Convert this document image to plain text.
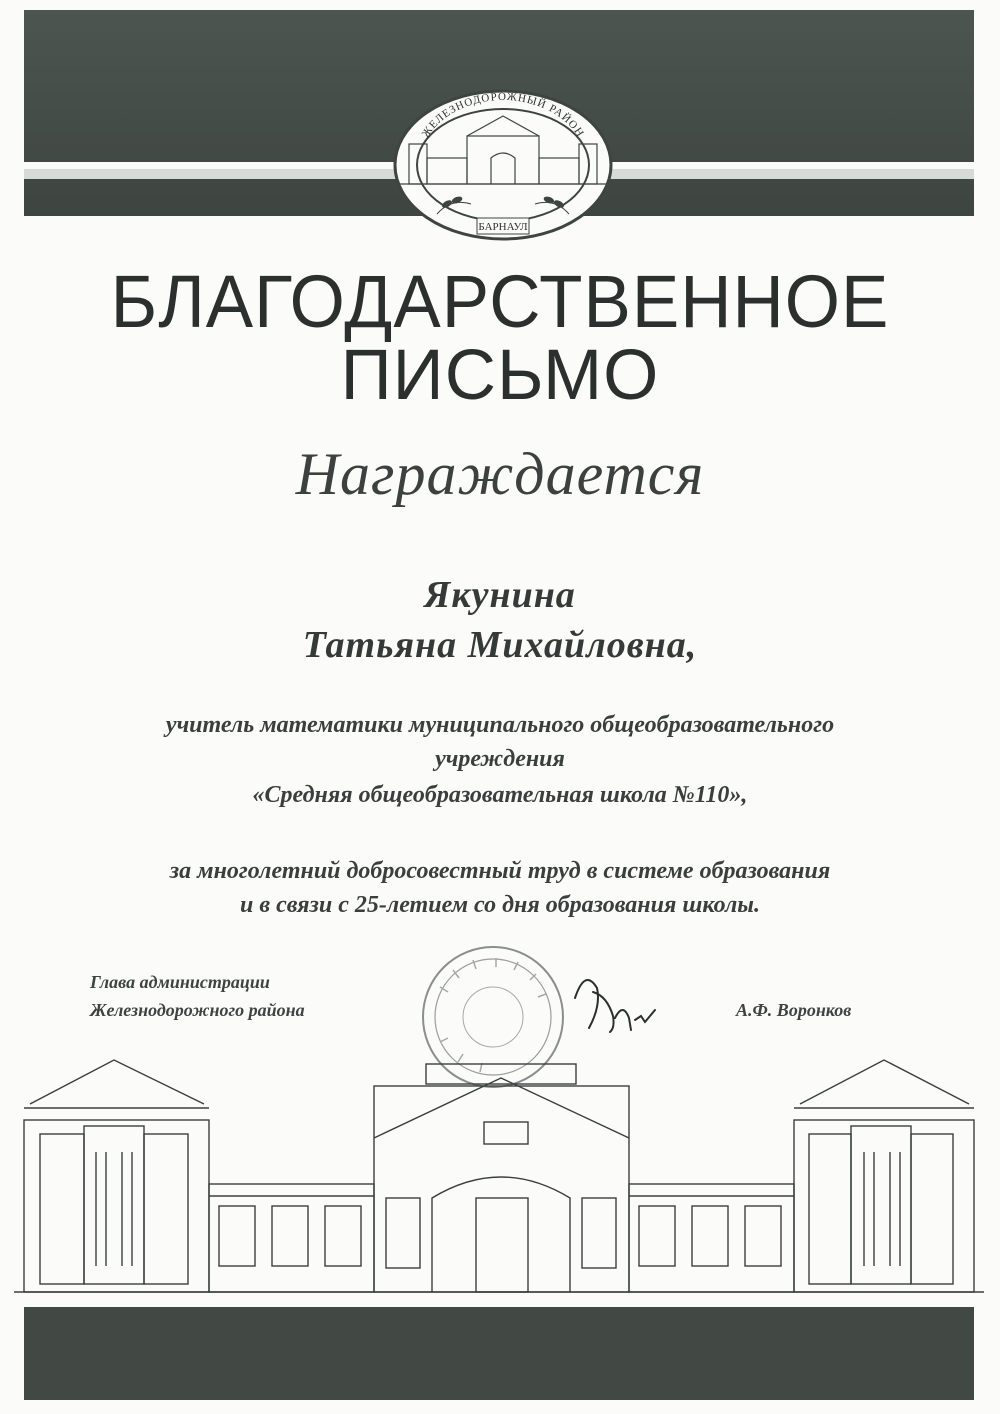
ЖЕЛЕЗНОДОРОЖНЫЙ РАЙОН
БАРНАУЛ
БЛАГОДАРСТВЕННОЕ
ПИСЬМО
Награждается
Якунина
Татьяна Михайловна,
учитель математики муниципального общеобразовательного
учреждения
«Средняя общеобразовательная школа №110»,
за многолетний добросовестный труд в системе образования
и в связи с 25-летием со дня образования школы.
Глава администрации
Железнодорожного района	А.Ф. Воронков
